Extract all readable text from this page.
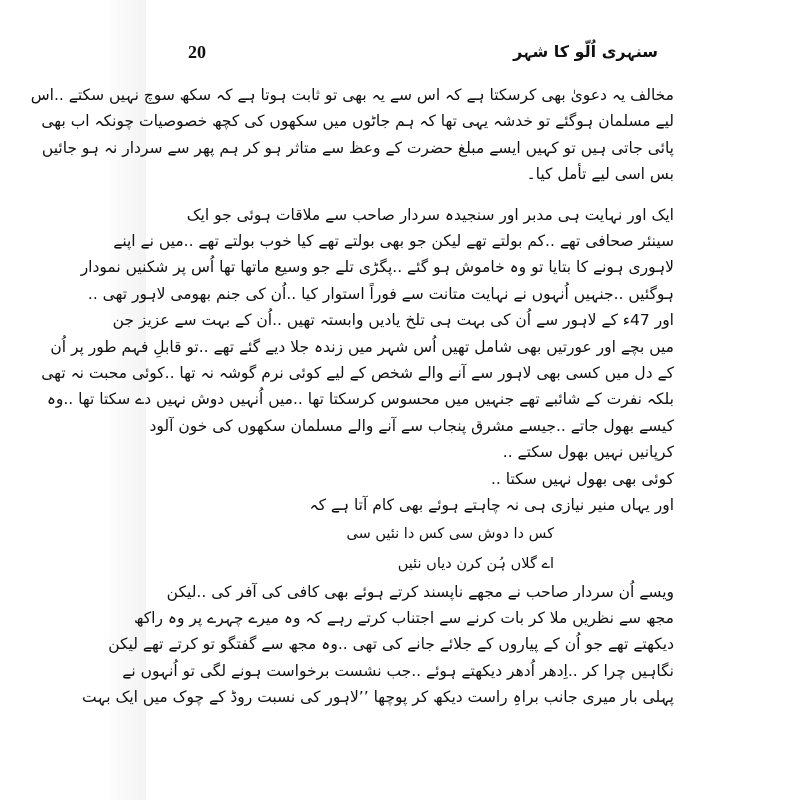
20	سنہری اُلّو کا شہر
مخالف یہ دعویٰ بھی کرسکتا ہے کہ اس سے یہ بھی تو ثابت ہوتا ہے کہ سکھ سوچ نہیں سکتے ..اس
لیے مسلمان ہوگئے تو خدشہ یہی تھا کہ ہم جاٹوں میں سکھوں کی کچھ خصوصیات چونکہ اب بھی
پائی جاتی ہیں تو کہیں ایسے مبلغ حضرت کے وعظ سے متاثر ہو کر ہم پھر سے سردار نہ ہو جائیں
بس اسی لیے تأمل کیا۔
ایک اور نہایت ہی مدبر اور سنجیدہ سردار صاحب سے ملاقات ہوئی جو ایک
سینئر صحافی تھے ..کم بولتے تھے لیکن جو بھی بولتے تھے کیا خوب بولتے تھے ..میں نے اپنے
لاہوری ہونے کا بتایا تو وہ خاموش ہو گئے ..پگڑی تلے جو وسیع ماتھا تھا اُس پر شکنیں نمودار
ہوگئیں ..جنہیں اُنہوں نے نہایت متانت سے فوراً استوار کیا ..اُن کی جنم بھومی لاہور تھی ..
اور 47ء کے لاہور سے اُن کی بہت ہی تلخ یادیں وابستہ تھیں ..اُن کے بہت سے عزیز جن
میں بچے اور عورتیں بھی شامل تھیں اُس شہر میں زندہ جلا دیے گئے تھے ..تو قابلِ فہم طور پر اُن
کے دل میں کسی بھی لاہور سے آنے والے شخص کے لیے کوئی نرم گوشہ نہ تھا ..کوئی محبت نہ تھی
بلکہ نفرت کے شائبے تھے جنہیں میں محسوس کرسکتا تھا ..میں اُنہیں دوش نہیں دے سکتا تھا ..وہ
کیسے بھول جاتے ..جیسے مشرق پنجاب سے آنے والے مسلمان سکھوں کی خون آلود
کرپانیں نہیں بھول سکتے ..
کوئی بھی بھول نہیں سکتا ..
اور یہاں منیر نیازی ہی نہ چاہتے ہوئے بھی کام آتا ہے کہ
کس دا دوش سی کس دا نئیں سی
اے گلاں ہُن کرن دیاں نئیں
ویسے اُن سردار صاحب نے مجھے ناپسند کرتے ہوئے بھی کافی کی آفر کی ..لیکن
مجھ سے نظریں ملا کر بات کرنے سے اجتناب کرتے رہے کہ وہ میرے چہرے پر وہ راکھ
دیکھتے تھے جو اُن کے پیاروں کے جلائے جانے کی تھی ..وہ مجھ سے گفتگو تو کرتے تھے لیکن
نگاہیں چرا کر ..اِدھر اُدھر دیکھتے ہوئے ..جب نشست برخواست ہونے لگی تو اُنہوں نے
پہلی بار میری جانب براہِ راست دیکھ کر پوچھا ’’لاہور کی نسبت روڈ کے چوک میں ایک بہت
